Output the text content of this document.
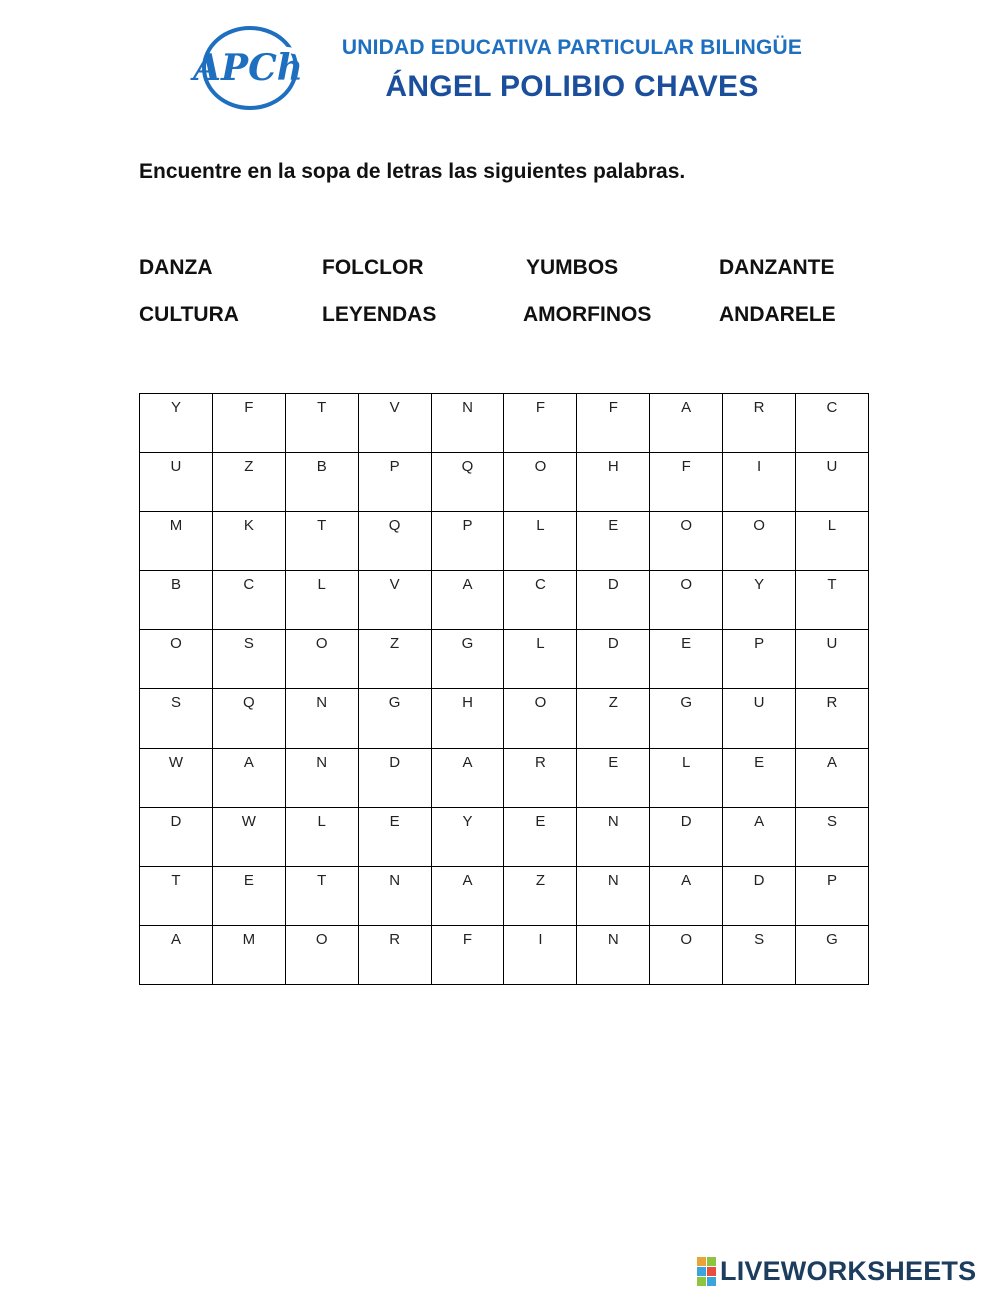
APCh	UNIDAD EDUCATIVA PARTICULAR BILINGÜE
ÁNGEL POLIBIO CHAVES
Encuentre en la sopa de letras las siguientes palabras.
DANZA	FOLCLOR	YUMBOS	DANZANTE
CULTURA	LEYENDAS	AMORFINOS	ANDARELE
Y	F	T	V	N	F	F	A	R	C

U	Z	B	P	Q	O	H	F	I	U

M	K	T	Q	P	L	E	O	O	L

B	C	L	V	A	C	D	O	Y	T

O	S	O	Z	G	L	D	E	P	U

S	Q	N	G	H	O	Z	G	U	R

W	A	N	D	A	R	E	L	E	A

D	W	L	E	Y	E	N	D	A	S

T	E	T	N	A	Z	N	A	D	P

A	M	O	R	F	I	N	O	S	G
LIVEWORKSHEETS
